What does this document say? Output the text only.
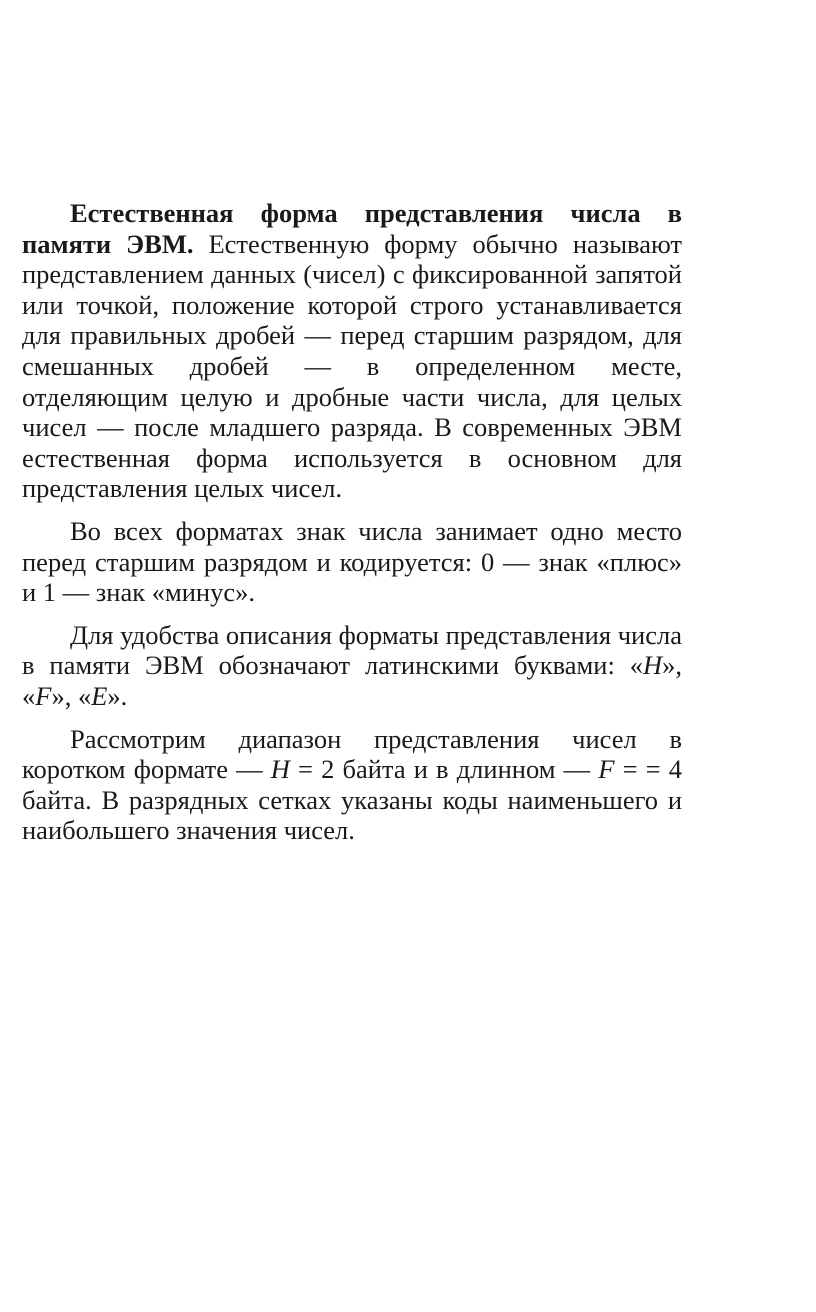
Естественная форма представления числа в памяти ЭВМ. Естественную форму обычно называют представлением данных (чисел) с фиксированной запятой или точкой, положение которой строго устанавливается для правильных дробей — перед старшим разрядом, для смешанных дробей — в определенном месте, отделяющим целую и дробные части числа, для целых чисел — после младшего разряда. В современных ЭВМ естественная форма используется в основном для представления целых чисел.

Во всех форматах знак числа занимает одно место перед старшим разрядом и кодируется: 0 — знак «плюс» и 1 — знак «минус».

Для удобства описания форматы представления числа в памяти ЭВМ обозначают латинскими буквами: «H», «F», «E».

Рассмотрим диапазон представления чисел в коротком формате — H = 2 байта и в длинном — F = = 4 байта. В разрядных сетках указаны коды наименьшего и наибольшего значения чисел.
